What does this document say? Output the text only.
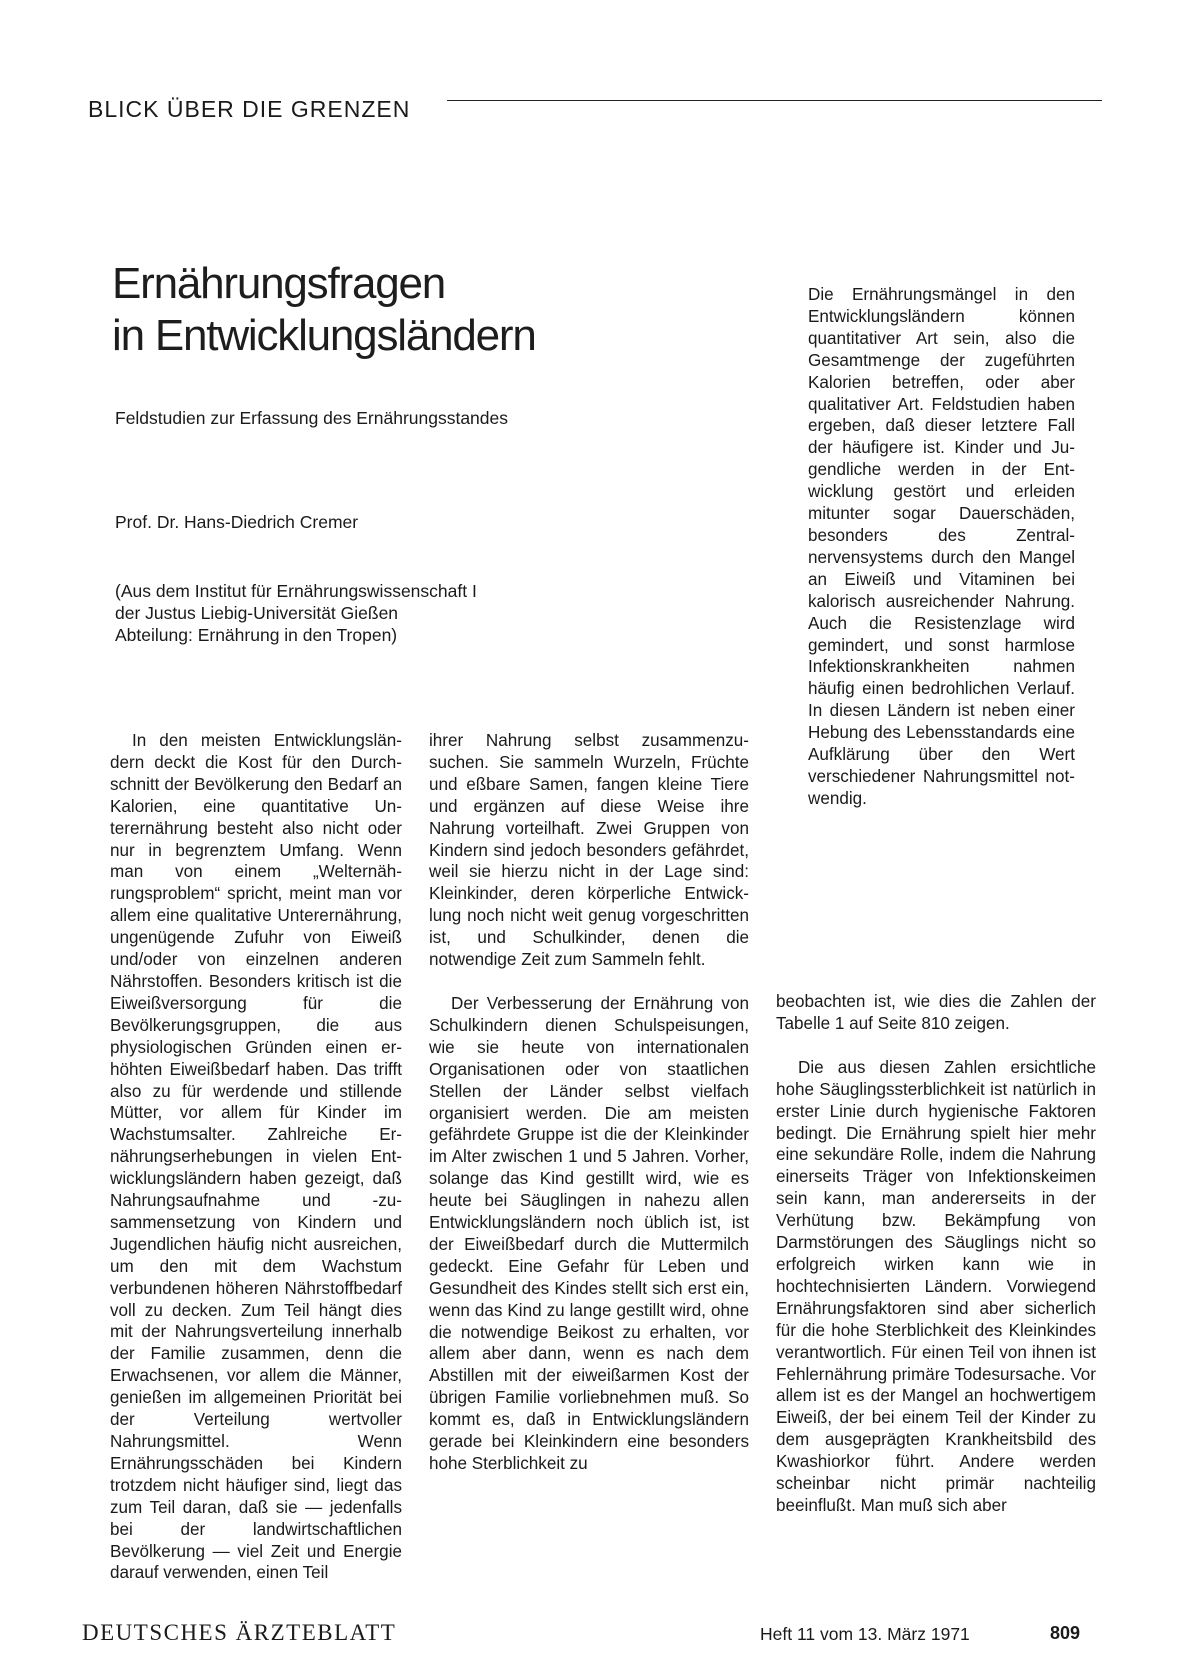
BLICK ÜBER DIE GRENZEN
Ernährungsfragen
in Entwicklungsländern
Feldstudien zur Erfassung des Ernährungsstandes
Prof. Dr. Hans-Diedrich Cremer
(Aus dem Institut für Ernährungswissenschaft I
der Justus Liebig-Universität Gießen
Abteilung: Ernährung in den Tropen)

Die Ernährungsmängel in den Entwicklungsländern können quantitativer Art sein, also die Gesamtmenge der zugeführten Kalorien betreffen, oder aber qualitativer Art. Feldstudien haben ergeben, daß dieser letztere Fall der häufigere ist. Kinder und Jugendliche werden in der Entwicklung gestört und erleiden mitunter sogar Dauerschäden, besonders des Zentralnervensystems durch den Mangel an Eiweiß und Vitaminen bei kalorisch ausreichender Nahrung. Auch die Resistenzlage wird gemindert, und sonst harmlose Infektionskrankheiten nahmen häufig einen bedrohlichen Verlauf. In diesen Ländern ist neben einer Hebung des Lebensstandards eine Aufklärung über den Wert verschiedener Nahrungsmittel notwendig.

In den meisten Entwicklungsländern deckt die Kost für den Durchschnitt der Bevölkerung den Bedarf an Kalorien, eine quantitative Unterernährung besteht also nicht oder nur in begrenztem Umfang. Wenn man von einem „Welternährungsproblem“ spricht, meint man vor allem eine qualitative Unterernährung, ungenügende Zufuhr von Eiweiß und/oder von einzelnen anderen Nährstoffen. Besonders kritisch ist die Eiweißversorgung für die Bevölkerungsgruppen, die aus physiologischen Gründen einen erhöhten Eiweißbedarf haben. Das trifft also zu für werdende und stillende Mütter, vor allem für Kinder im Wachstumsalter. Zahlreiche Ernährungserhebungen in vielen Entwicklungsländern haben gezeigt, daß Nahrungsaufnahme und -zusammensetzung von Kindern und Jugendlichen häufig nicht ausreichen, um den mit dem Wachstum verbundenen höheren Nährstoffbedarf voll zu decken. Zum Teil hängt dies mit der Nahrungsverteilung innerhalb der Familie zusammen, denn die Erwachsenen, vor allem die Männer, genießen im allgemeinen Priorität bei der Verteilung wertvoller Nahrungsmittel. Wenn Ernährungsschäden bei Kindern trotzdem nicht häufiger sind, liegt das zum Teil daran, daß sie — jedenfalls bei der landwirtschaftlichen Bevölkerung — viel Zeit und Energie darauf verwenden, einen Teil

ihrer Nahrung selbst zusammenzusuchen. Sie sammeln Wurzeln, Früchte und eßbare Samen, fangen kleine Tiere und ergänzen auf diese Weise ihre Nahrung vorteilhaft. Zwei Gruppen von Kindern sind jedoch besonders gefährdet, weil sie hierzu nicht in der Lage sind: Kleinkinder, deren körperliche Entwicklung noch nicht weit genug vorgeschritten ist, und Schulkinder, denen die notwendige Zeit zum Sammeln fehlt.

Der Verbesserung der Ernährung von Schulkindern dienen Schulspeisungen, wie sie heute von internationalen Organisationen oder von staatlichen Stellen der Länder selbst vielfach organisiert werden. Die am meisten gefährdete Gruppe ist die der Kleinkinder im Alter zwischen 1 und 5 Jahren. Vorher, solange das Kind gestillt wird, wie es heute bei Säuglingen in nahezu allen Entwicklungsländern noch üblich ist, ist der Eiweißbedarf durch die Muttermilch gedeckt. Eine Gefahr für Leben und Gesundheit des Kindes stellt sich erst ein, wenn das Kind zu lange gestillt wird, ohne die notwendige Beikost zu erhalten, vor allem aber dann, wenn es nach dem Abstillen mit der eiweißarmen Kost der übrigen Familie vorliebnehmen muß. So kommt es, daß in Entwicklungsländern gerade bei Kleinkindern eine besonders hohe Sterblichkeit zu

beobachten ist, wie dies die Zahlen der Tabelle 1 auf Seite 810 zeigen.

Die aus diesen Zahlen ersichtliche hohe Säuglingssterblichkeit ist natürlich in erster Linie durch hygienische Faktoren bedingt. Die Ernährung spielt hier mehr eine sekundäre Rolle, indem die Nahrung einerseits Träger von Infektionskeimen sein kann, man andererseits in der Verhütung bzw. Bekämpfung von Darmstörungen des Säuglings nicht so erfolgreich wirken kann wie in hochtechnisierten Ländern. Vorwiegend Ernährungsfaktoren sind aber sicherlich für die hohe Sterblichkeit des Kleinkindes verantwortlich. Für einen Teil von ihnen ist Fehlernährung primäre Todesursache. Vor allem ist es der Mangel an hochwertigem Eiweiß, der bei einem Teil der Kinder zu dem ausgeprägten Krankheitsbild des Kwashiorkor führt. Andere werden scheinbar nicht primär nachteilig beeinflußt. Man muß sich aber

DEUTSCHES ÄRZTEBLATT	Heft 11 vom 13. März 1971	809
